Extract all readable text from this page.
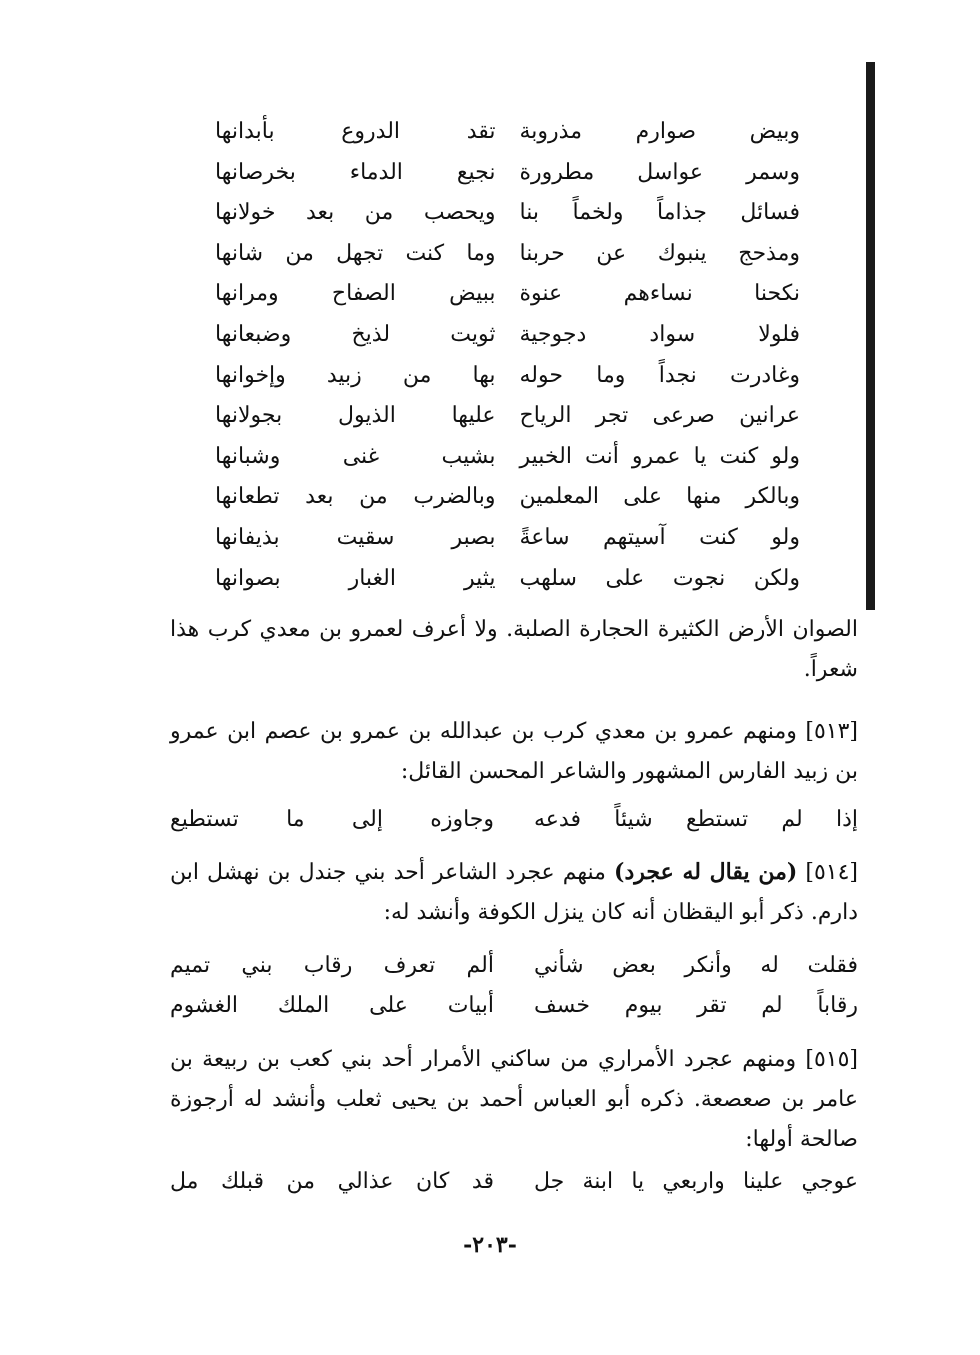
وبيض صوارم مذروبة
تقد الدروع بأبدانها
وسمر عواسل مطرورة
نجيع الدماء بخرصانها
فسائل جذاماً ولخماً بنا
ويحصب من بعد خولانها
ومذحج ينبوك عن حربنا
وما كنت تجهل من شانها
نكحنا نساءهم عنوة
ببيض الصفاح ومرانها
فلولا سواد دجوجية
ثويت لذيخ وضبعانها
وغادرت نجداً وما حوله
بها من زبيد وإخوانها
عرانين صرعى تجر الرياح
عليها الذيول بجولانها
ولو كنت يا عمرو أنت الخبير
بشيب غنى وشبانها
وبالكر منها على المعلمين
وبالضرب من بعد تطعانها
ولو كنت آسيتهم ساعةً
بصبر سقيت بذيفانها
ولكن نجوت على سلهب
يثير الغبار بصوانها
الصوان الأرض الكثيرة الحجارة الصلبة. ولا أعرف لعمرو بن معدي كرب هذا شعراً.
[٥١٣] ومنهم عمرو بن معدي كرب بن عبدالله بن عمرو بن عصم ابن عمرو بن زبيد الفارس المشهور والشاعر المحسن القائل:
إذا لم تستطع شيئاً فدعه
وجاوزه إلى ما تستطيع
[٥١٤] (من يقال له عجرد) منهم عجرد الشاعر أحد بني جندل بن نهشل ابن دارم. ذكر أبو اليقظان أنه كان ينزل الكوفة وأنشد له:
فقلت له وأنكر بعض شأني
ألم تعرف رقاب بني تميم
رقاباً لم تقر بيوم خسف
أبيات على الملك الغشوم
[٥١٥] ومنهم عجرد الأمراري من ساكني الأمرار أحد بني كعب بن ربيعة بن عامر بن صعصعة. ذكره أبو العباس أحمد بن يحيى ثعلب وأنشد له أرجوزة صالحة أولها:
عوجي علينا واربعي يا ابنة جل
قد كان عذالي من قبلك مل
-٢٠٣-
